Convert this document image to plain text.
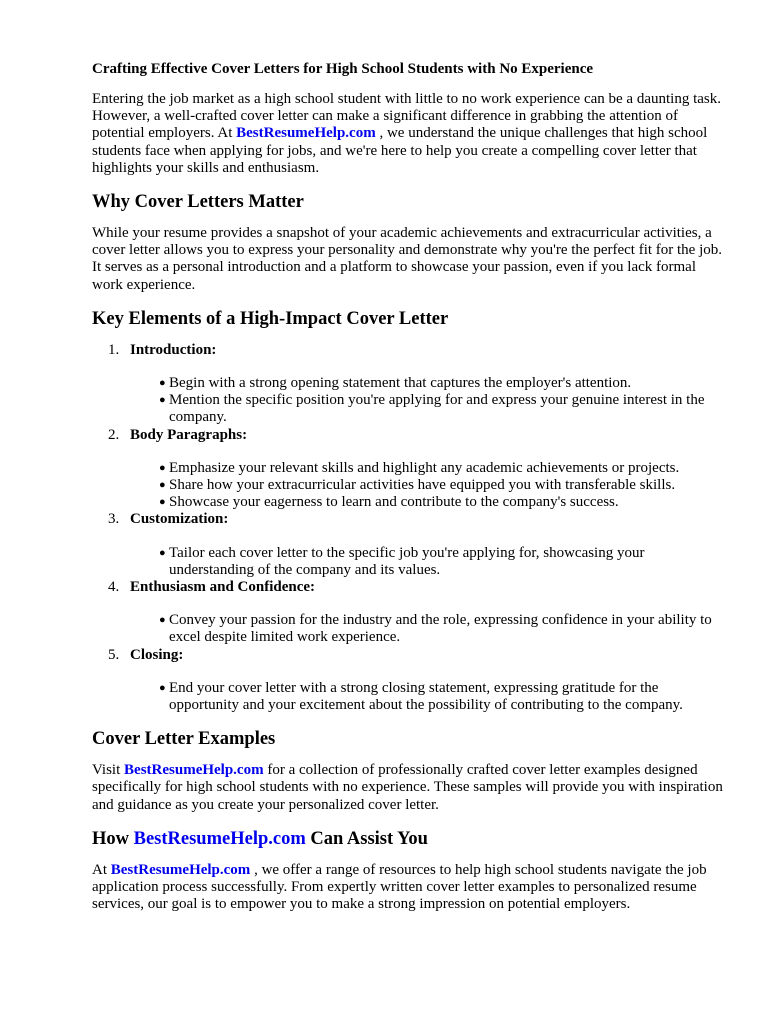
Crafting Effective Cover Letters for High School Students with No Experience

Entering the job market as a high school student with little to no work experience can be a daunting task. However, a well-crafted cover letter can make a significant difference in grabbing the attention of potential employers. At BestResumeHelp.com , we understand the unique challenges that high school students face when applying for jobs, and we're here to help you create a compelling cover letter that highlights your skills and enthusiasm.

Why Cover Letters Matter

While your resume provides a snapshot of your academic achievements and extracurricular activities, a cover letter allows you to express your personality and demonstrate why you're the perfect fit for the job. It serves as a personal introduction and a platform to showcase your passion, even if you lack formal work experience.

Key Elements of a High-Impact Cover Letter
1. Introduction:
● Begin with a strong opening statement that captures the employer's attention.
● Mention the specific position you're applying for and express your genuine interest in the company.
2. Body Paragraphs:
● Emphasize your relevant skills and highlight any academic achievements or projects.
● Share how your extracurricular activities have equipped you with transferable skills.
● Showcase your eagerness to learn and contribute to the company's success.
3. Customization:
● Tailor each cover letter to the specific job you're applying for, showcasing your understanding of the company and its values.
4. Enthusiasm and Confidence:
● Convey your passion for the industry and the role, expressing confidence in your ability to excel despite limited work experience.
5. Closing:
● End your cover letter with a strong closing statement, expressing gratitude for the opportunity and your excitement about the possibility of contributing to the company.
Cover Letter Examples

Visit BestResumeHelp.com for a collection of professionally crafted cover letter examples designed specifically for high school students with no experience. These samples will provide you with inspiration and guidance as you create your personalized cover letter.

How BestResumeHelp.com Can Assist You

At BestResumeHelp.com , we offer a range of resources to help high school students navigate the job application process successfully. From expertly written cover letter examples to personalized resume services, our goal is to empower you to make a strong impression on potential employers.
